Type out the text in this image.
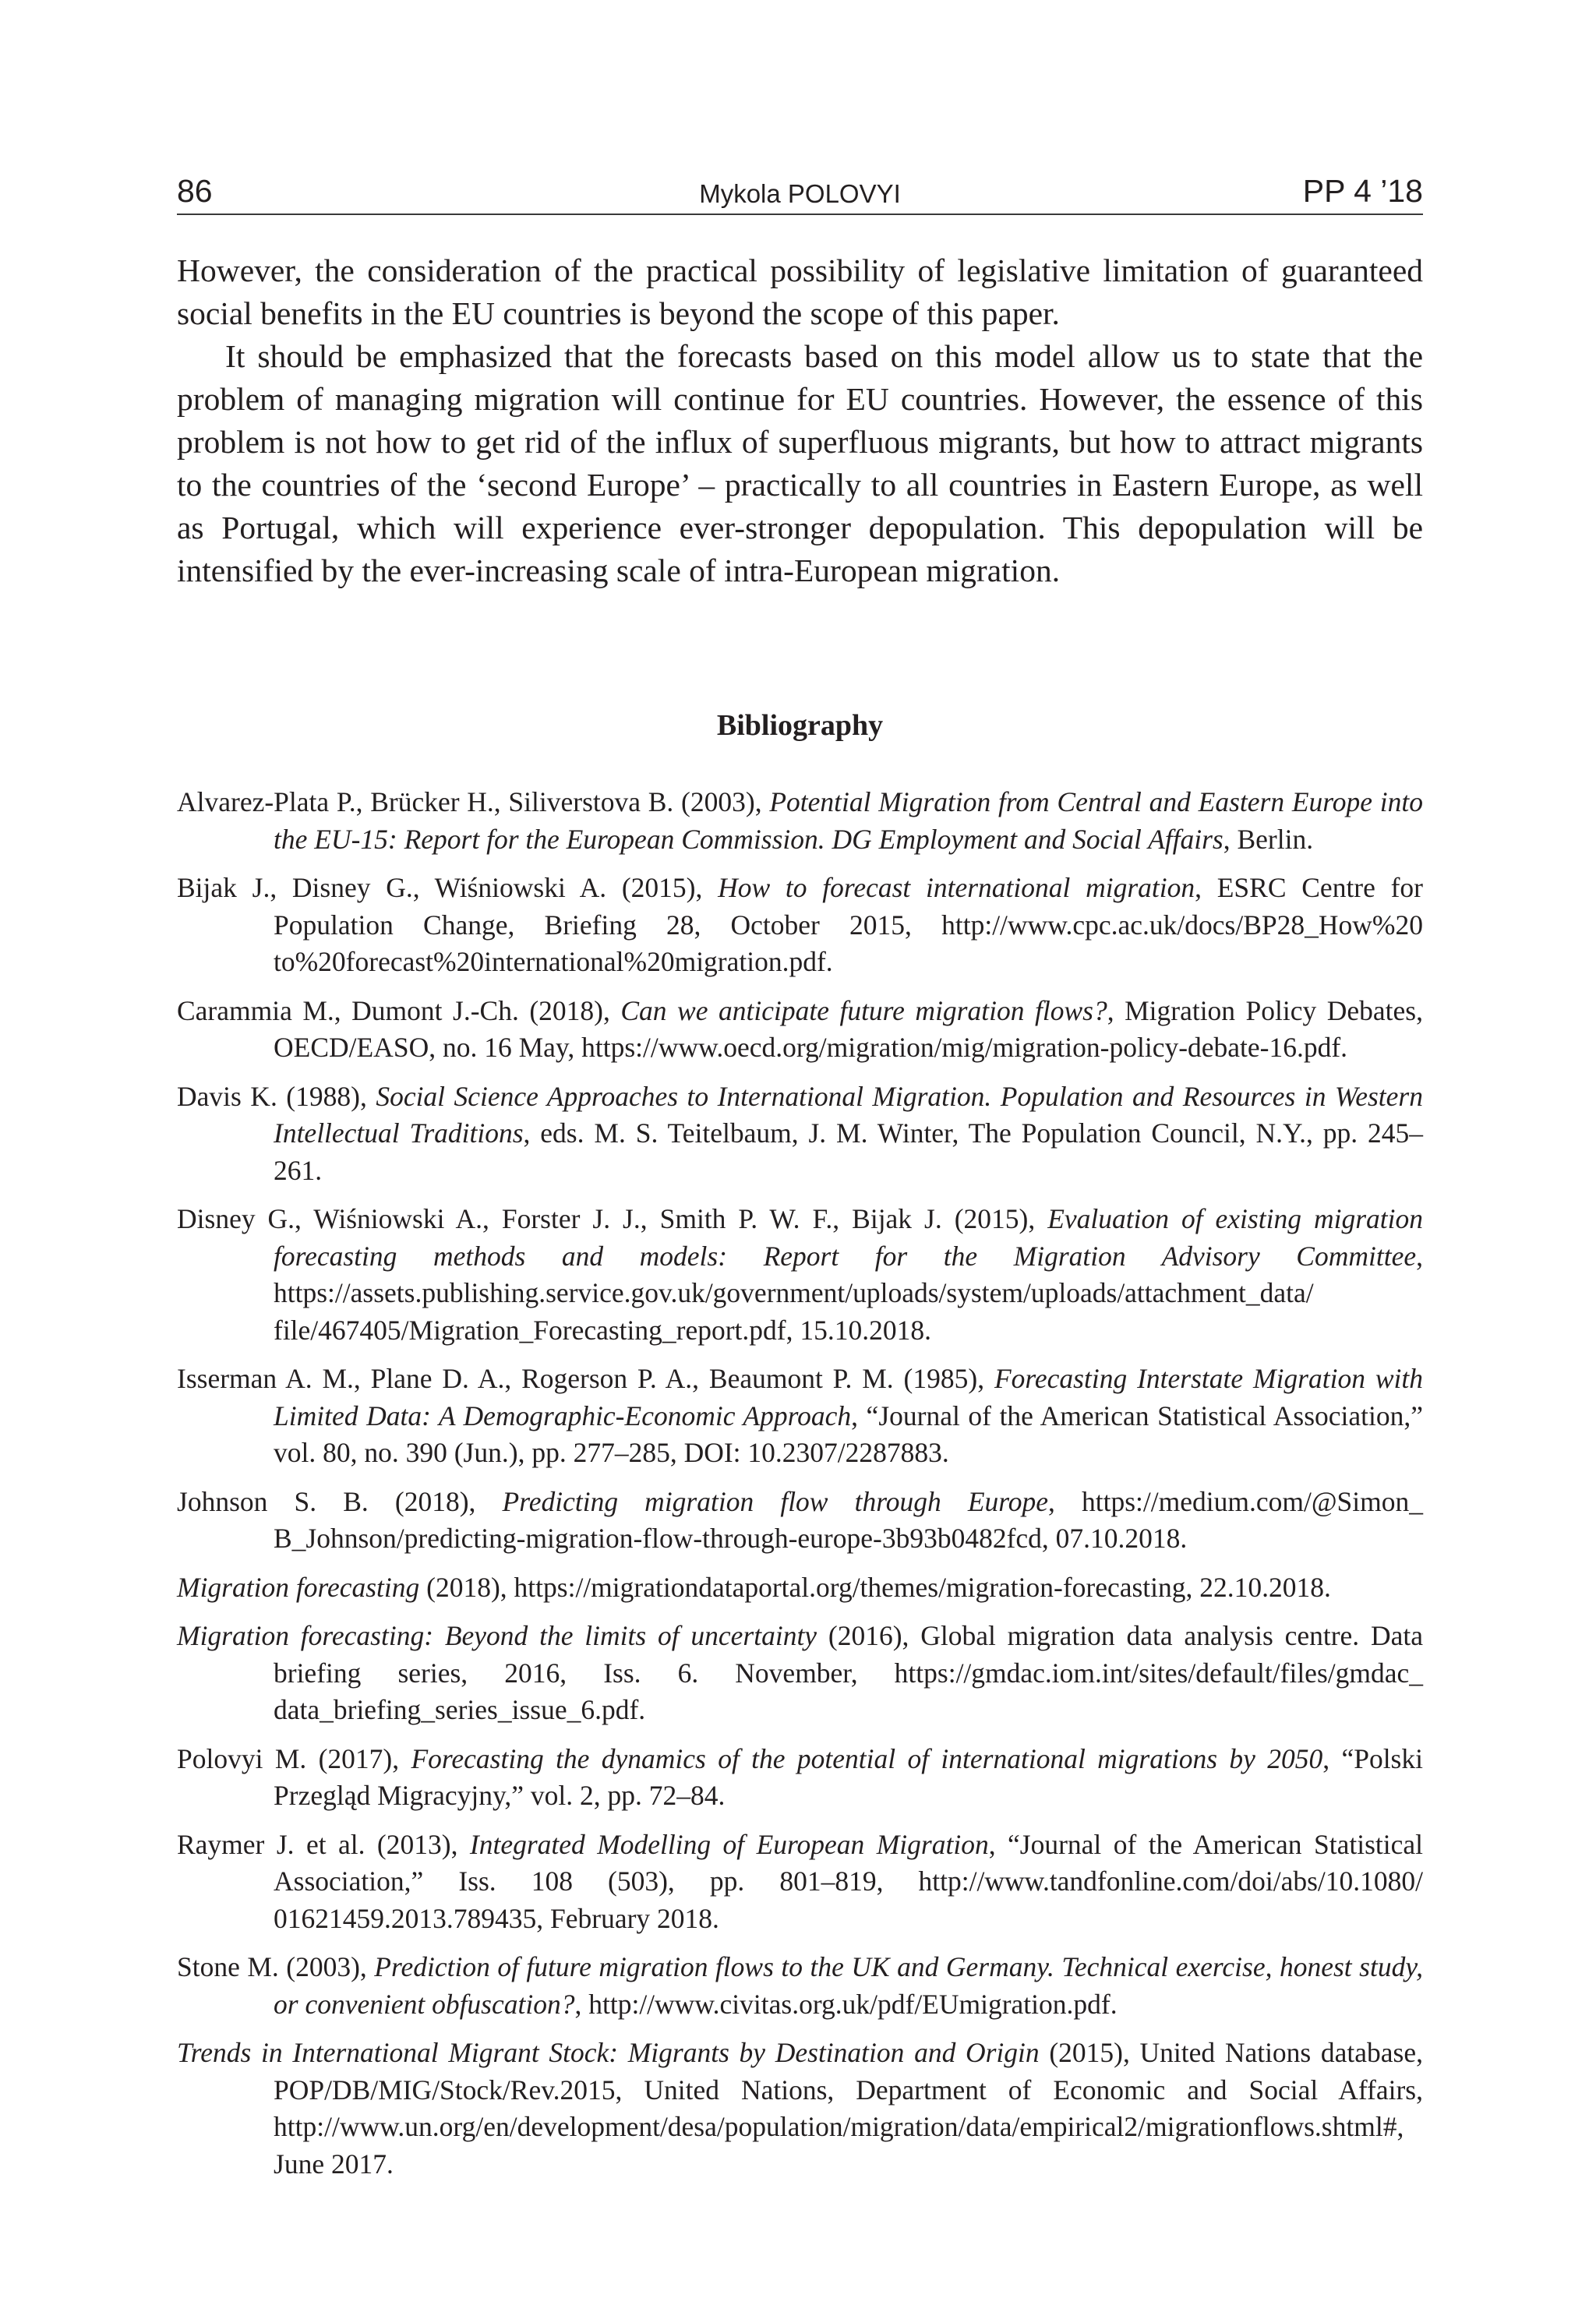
86	Mykola POLOVYI	PP 4 ’18

However, the consideration of the practical possibility of legislative limitation of guaranteed social benefits in the EU countries is beyond the scope of this paper.

It should be emphasized that the forecasts based on this model allow us to state that the problem of managing migration will continue for EU countries. However, the essence of this problem is not how to get rid of the influx of superfluous migrants, but how to attract migrants to the countries of the ‘second Europe’ – practically to all countries in Eastern Europe, as well as Portugal, which will experience ever-stronger depopulation. This depopulation will be intensified by the ever-increasing scale of intra-European migration.

Bibliography

Alvarez-Plata P., Brücker H., Siliverstova B. (2003), Potential Migration from Central and Eastern Europe into the EU-15: Report for the European Commission. DG Employment and Social Affairs, Berlin.

Bijak J., Disney G., Wiśniowski A. (2015), How to forecast international migration, ESRC Centre for Population Change, Briefing 28, October 2015, http://www.cpc.ac.uk/docs/BP28_How%20 to%20forecast%20international%20migration.pdf.

Carammia M., Dumont J.-Ch. (2018), Can we anticipate future migration flows?, Migration Policy Debates, OECD/EASO, no. 16 May, https://www.oecd.org/migration/mig/migration-policy-debate-16.pdf.

Davis K. (1988), Social Science Approaches to International Migration. Population and Resources in Western Intellectual Traditions, eds. M. S. Teitelbaum, J. M. Winter, The Population Council, N.Y., pp. 245–261.

Disney G., Wiśniowski A., Forster J. J., Smith P. W. F., Bijak J. (2015), Evaluation of existing migration forecasting methods and models: Report for the Migration Advisory Committee, https://assets.publishing.service.gov.uk/government/uploads/system/uploads/attachment_data/ file/467405/Migration_Forecasting_report.pdf, 15.10.2018.

Isserman A. M., Plane D. A., Rogerson P. A., Beaumont P. M. (1985), Forecasting Interstate Migration with Limited Data: A Demographic-Economic Approach, “Journal of the American Statistical Association,” vol. 80, no. 390 (Jun.), pp. 277–285, DOI: 10.2307/2287883.

Johnson S. B. (2018), Predicting migration flow through Europe, https://medium.com/@Simon_ B_Johnson/predicting-migration-flow-through-europe-3b93b0482fcd, 07.10.2018.

Migration forecasting (2018), https://migrationdataportal.org/themes/migration-forecasting, 22.10.2018.

Migration forecasting: Beyond the limits of uncertainty (2016), Global migration data analysis centre. Data briefing series, 2016, Iss. 6. November, https://gmdac.iom.int/sites/default/files/gmdac_ data_briefing_series_issue_6.pdf.

Polovyi M. (2017), Forecasting the dynamics of the potential of international migrations by 2050, “Polski Przegląd Migracyjny,” vol. 2, pp. 72–84.

Raymer J. et al. (2013), Integrated Modelling of European Migration, “Journal of the American Statistical Association,” Iss. 108 (503), pp. 801–819, http://www.tandfonline.com/doi/abs/10.1080/ 01621459.2013.789435, February 2018.

Stone M. (2003), Prediction of future migration flows to the UK and Germany. Technical exercise, honest study, or convenient obfuscation?, http://www.civitas.org.uk/pdf/EUmigration.pdf.

Trends in International Migrant Stock: Migrants by Destination and Origin (2015), United Nations database, POP/DB/MIG/Stock/Rev.2015, United Nations, Department of Economic and Social Affairs, http://www.un.org/en/development/desa/population/migration/data/empirical2/migrationflows.shtml#, June 2017.
